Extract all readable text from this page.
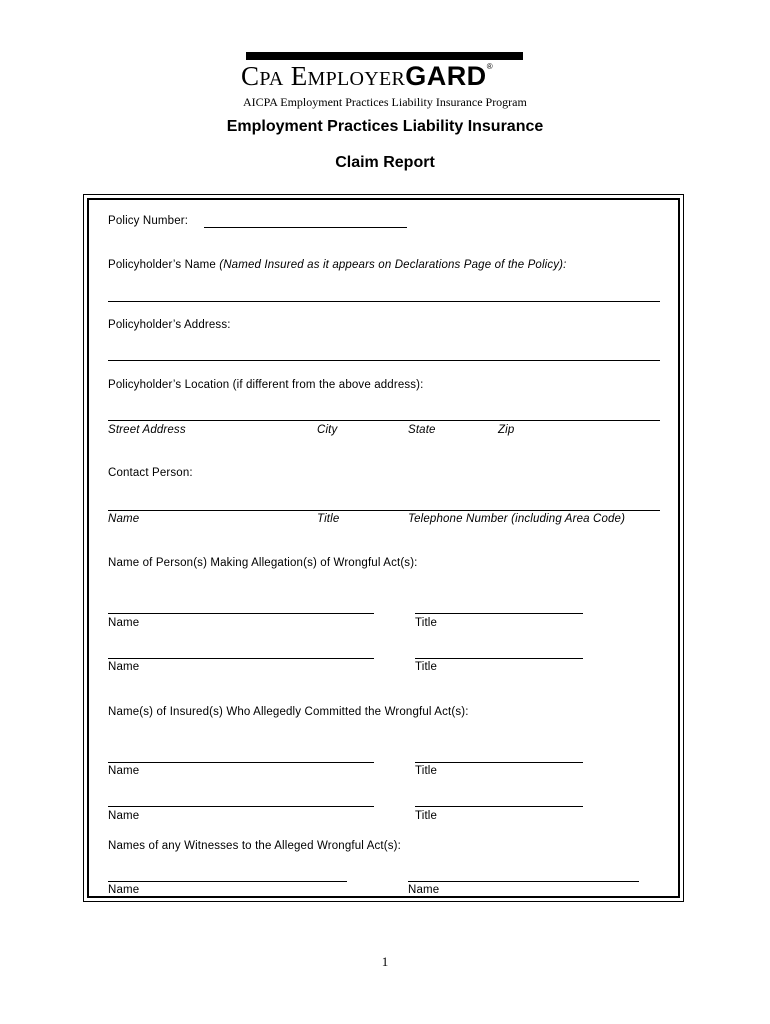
CPA EMPLOYERGARD®
AICPA Employment Practices Liability Insurance Program
Employment Practices Liability Insurance
Claim Report
Policy Number:
Policyholder’s Name (Named Insured as it appears on Declarations Page of the Policy):
Policyholder’s Address:
Policyholder’s Location (if different from the above address):
Street Address	City	State	Zip
Contact Person:
Name	Title	Telephone Number (including Area Code)
Name of Person(s) Making Allegation(s) of Wrongful Act(s):
Name	Title
Name	Title
Name(s) of Insured(s) Who Allegedly Committed the Wrongful Act(s):
Name	Title
Name	Title
Names of any Witnesses to the Alleged Wrongful Act(s):
Name	Name
1
